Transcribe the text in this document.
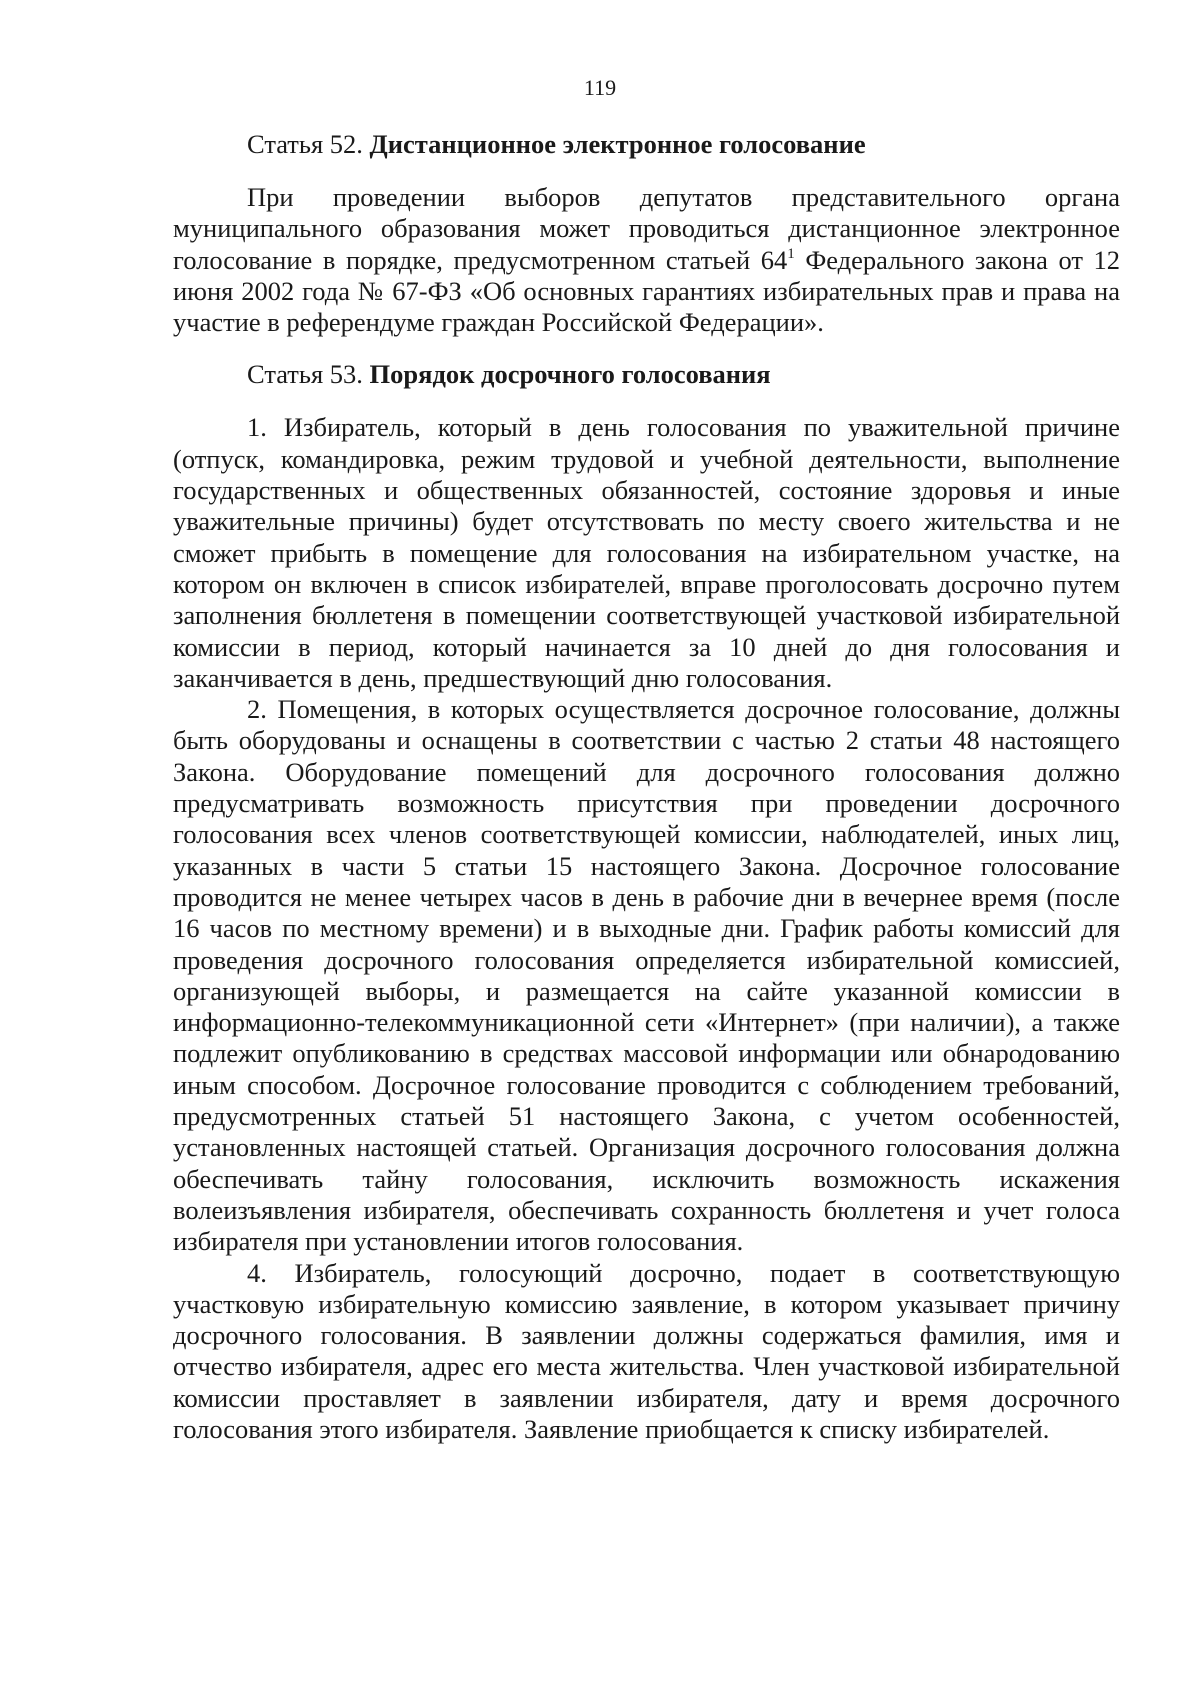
119

Статья 52. Дистанционное электронное голосование

При проведении выборов депутатов представительного органа муниципального образования может проводиться дистанционное электронное голосование в порядке, предусмотренном статьей $64^1$ Федерального закона от 12 июня 2002 года № 67-ФЗ «Об основных гарантиях избирательных прав и права на участие в референдуме граждан Российской Федерации».

Статья 53. Порядок досрочного голосования

1. Избиратель, который в день голосования по уважительной причине (отпуск, командировка, режим трудовой и учебной деятельности, выполнение государственных и общественных обязанностей, состояние здоровья и иные уважительные причины) будет отсутствовать по месту своего жительства и не сможет прибыть в помещение для голосования на избирательном участке, на котором он включен в список избирателей, вправе проголосовать досрочно путем заполнения бюллетеня в помещении соответствующей участковой избирательной комиссии в период, который начинается за 10 дней до дня голосования и заканчивается в день, предшествующий дню голосования.

2. Помещения, в которых осуществляется досрочное голосование, должны быть оборудованы и оснащены в соответствии с частью 2 статьи 48 настоящего Закона. Оборудование помещений для досрочного голосования должно предусматривать возможность присутствия при проведении досрочного голосования всех членов соответствующей комиссии, наблюдателей, иных лиц, указанных в части 5 статьи 15 настоящего Закона. Досрочное голосование проводится не менее четырех часов в день в рабочие дни в вечернее время (после 16 часов по местному времени) и в выходные дни. График работы комиссий для проведения досрочного голосования определяется избирательной комиссией, организующей выборы, и размещается на сайте указанной комиссии в информационно-телекоммуникационной сети «Интернет» (при наличии), а также подлежит опубликованию в средствах массовой информации или обнародованию иным способом. Досрочное голосование проводится с соблюдением требований, предусмотренных статьей 51 настоящего Закона, с учетом особенностей, установленных настоящей статьей. Организация досрочного голосования должна обеспечивать тайну голосования, исключить возможность искажения волеизъявления избирателя, обеспечивать сохранность бюллетеня и учет голоса избирателя при установлении итогов голосования.

4. Избиратель, голосующий досрочно, подает в соответствующую участковую избирательную комиссию заявление, в котором указывает причину досрочного голосования. В заявлении должны содержаться фамилия, имя и отчество избирателя, адрес его места жительства. Член участковой избирательной комиссии проставляет в заявлении избирателя, дату и время досрочного голосования этого избирателя. Заявление приобщается к списку избирателей.
